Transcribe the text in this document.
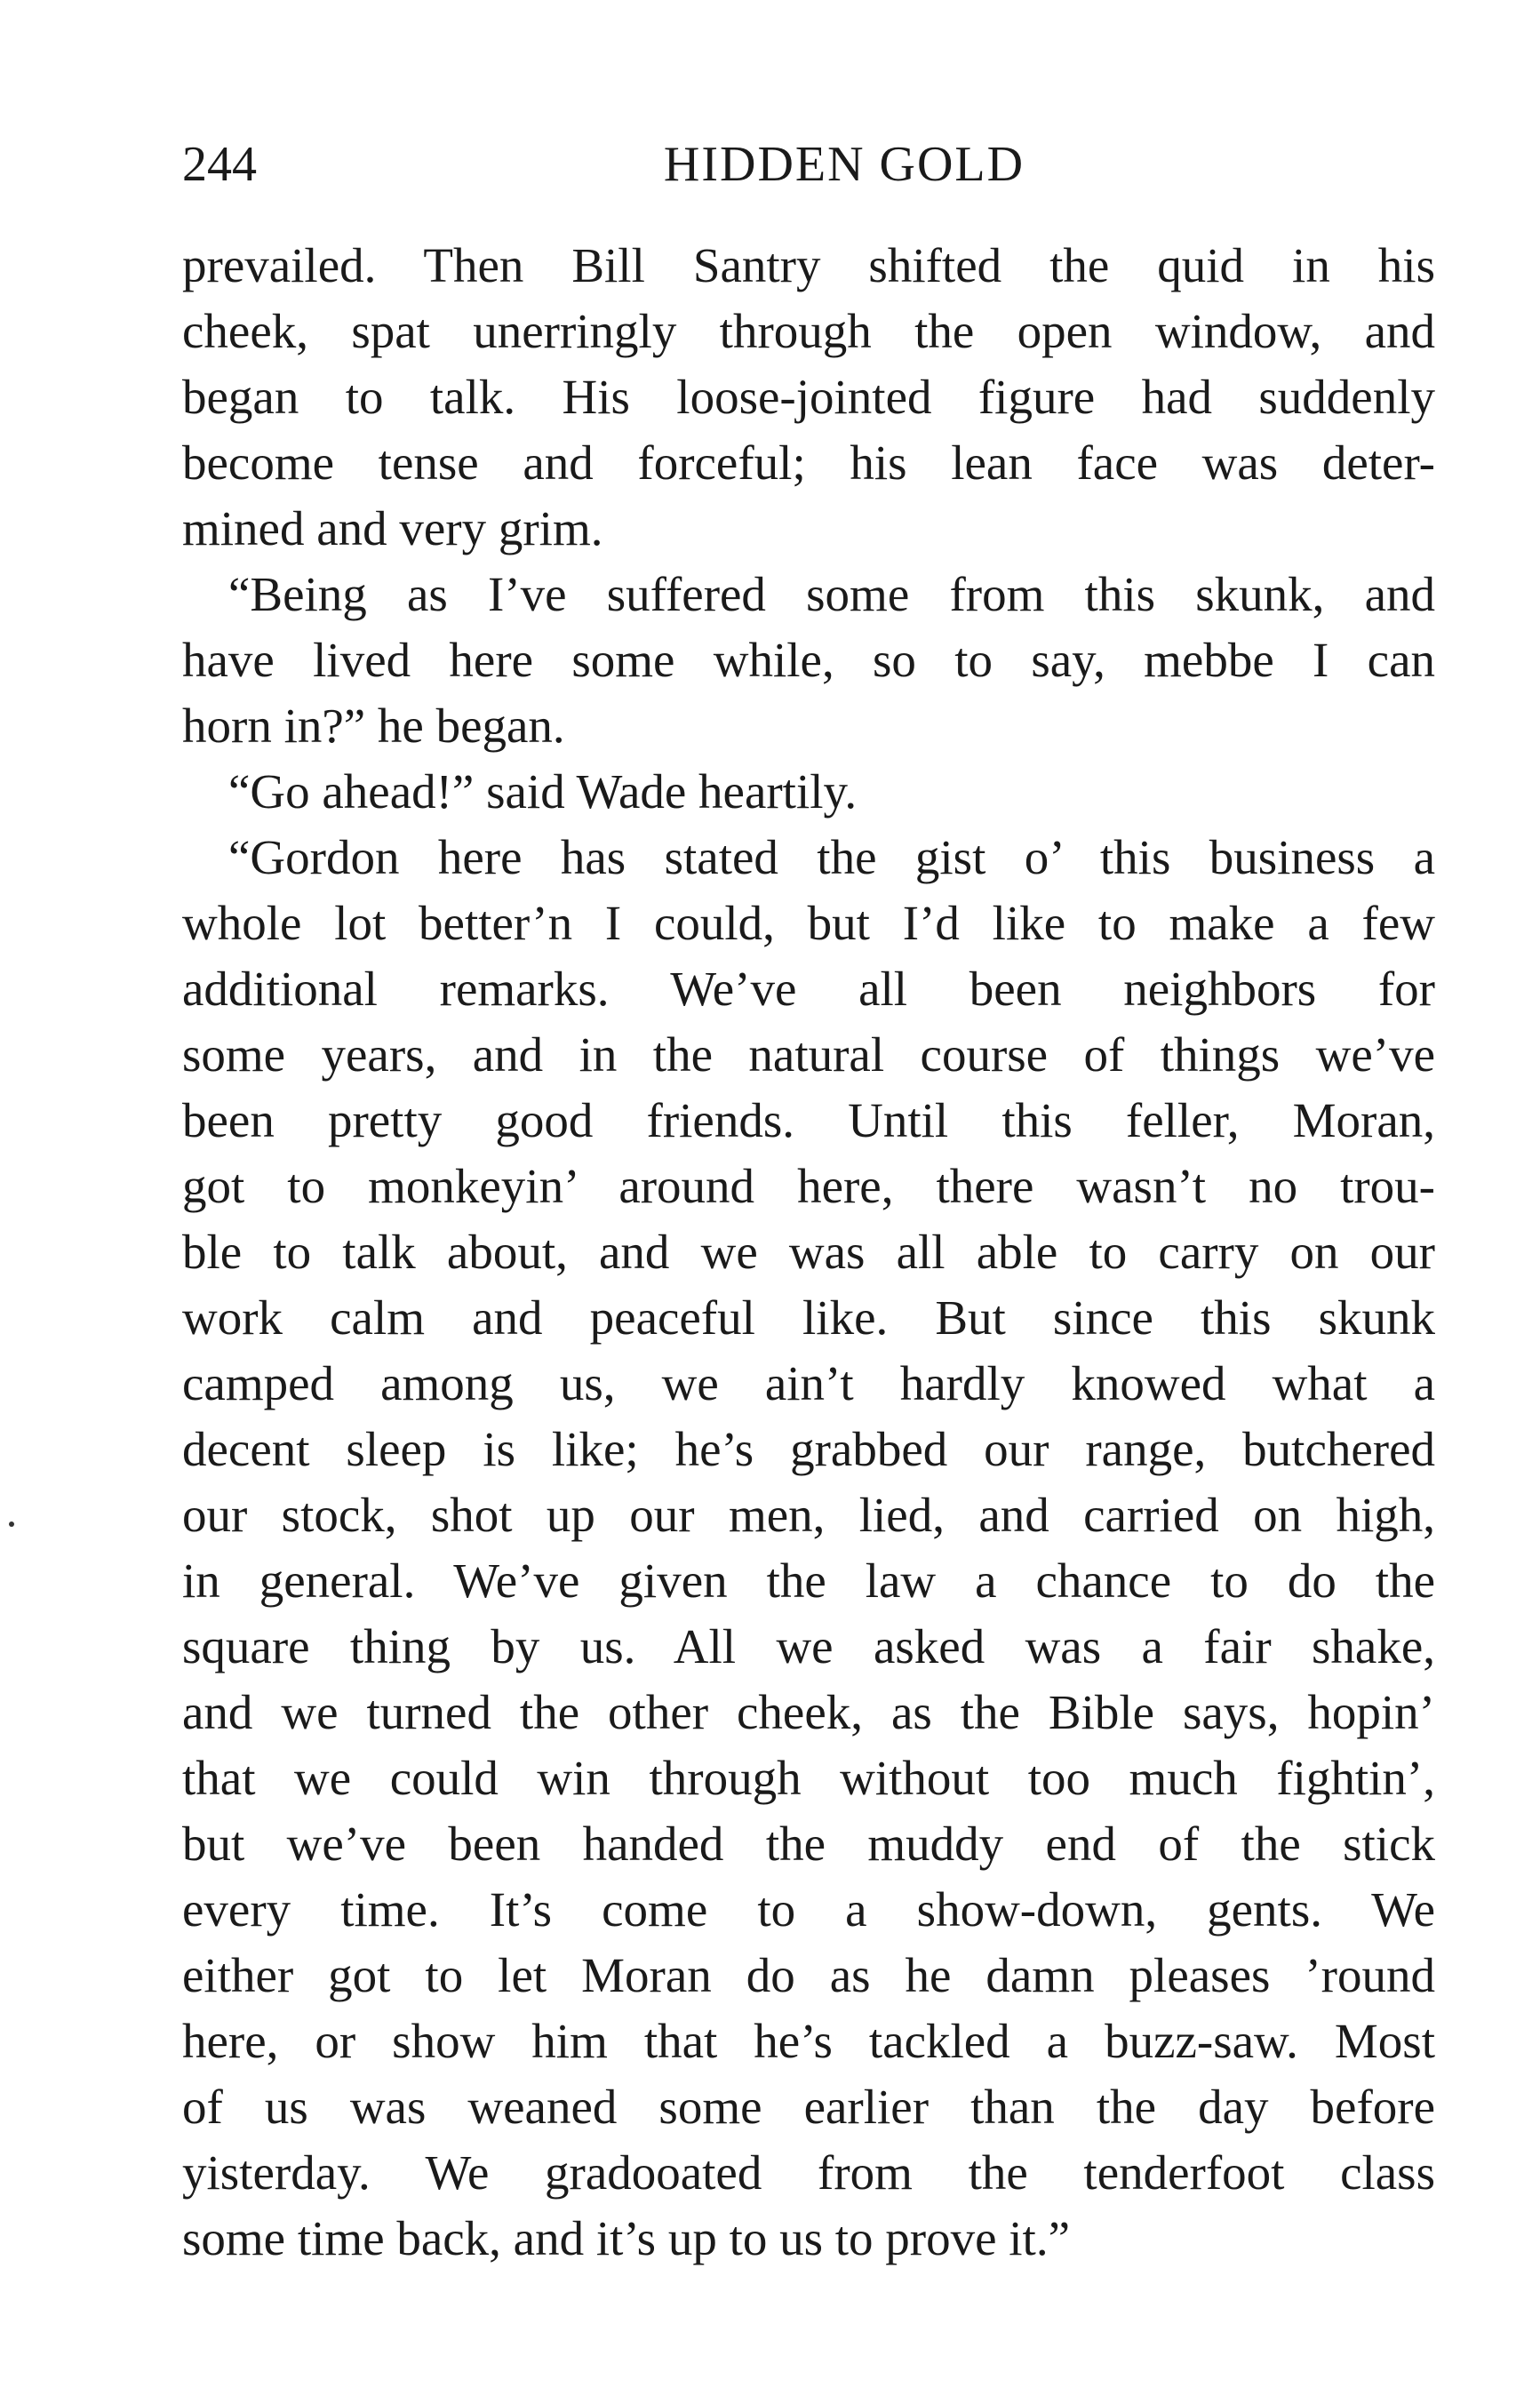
244	HIDDEN GOLD
prevailed. Then Bill Santry shifted the quid in his
cheek, spat unerringly through the open window, and
began to talk. His loose-jointed figure had suddenly
become tense and forceful; his lean face was deter-
mined and very grim.
“Being as I’ve suffered some from this skunk, and
have lived here some while, so to say, mebbe I can
horn in?” he began.
“Go ahead!” said Wade heartily.
“Gordon here has stated the gist o’ this business a
whole lot better’n I could, but I’d like to make a few
additional remarks. We’ve all been neighbors for
some years, and in the natural course of things we’ve
been pretty good friends. Until this feller, Moran,
got to monkeyin’ around here, there wasn’t no trou-
ble to talk about, and we was all able to carry on our
work calm and peaceful like. But since this skunk
camped among us, we ain’t hardly knowed what a
decent sleep is like; he’s grabbed our range, butchered
our stock, shot up our men, lied, and carried on high,
in general. We’ve given the law a chance to do the
square thing by us. All we asked was a fair shake,
and we turned the other cheek, as the Bible says, hopin’
that we could win through without too much fightin’,
but we’ve been handed the muddy end of the stick
every time. It’s come to a show-down, gents. We
either got to let Moran do as he damn pleases ’round
here, or show him that he’s tackled a buzz-saw. Most
of us was weaned some earlier than the day before
yisterday. We gradooated from the tenderfoot class
some time back, and it’s up to us to prove it.”
